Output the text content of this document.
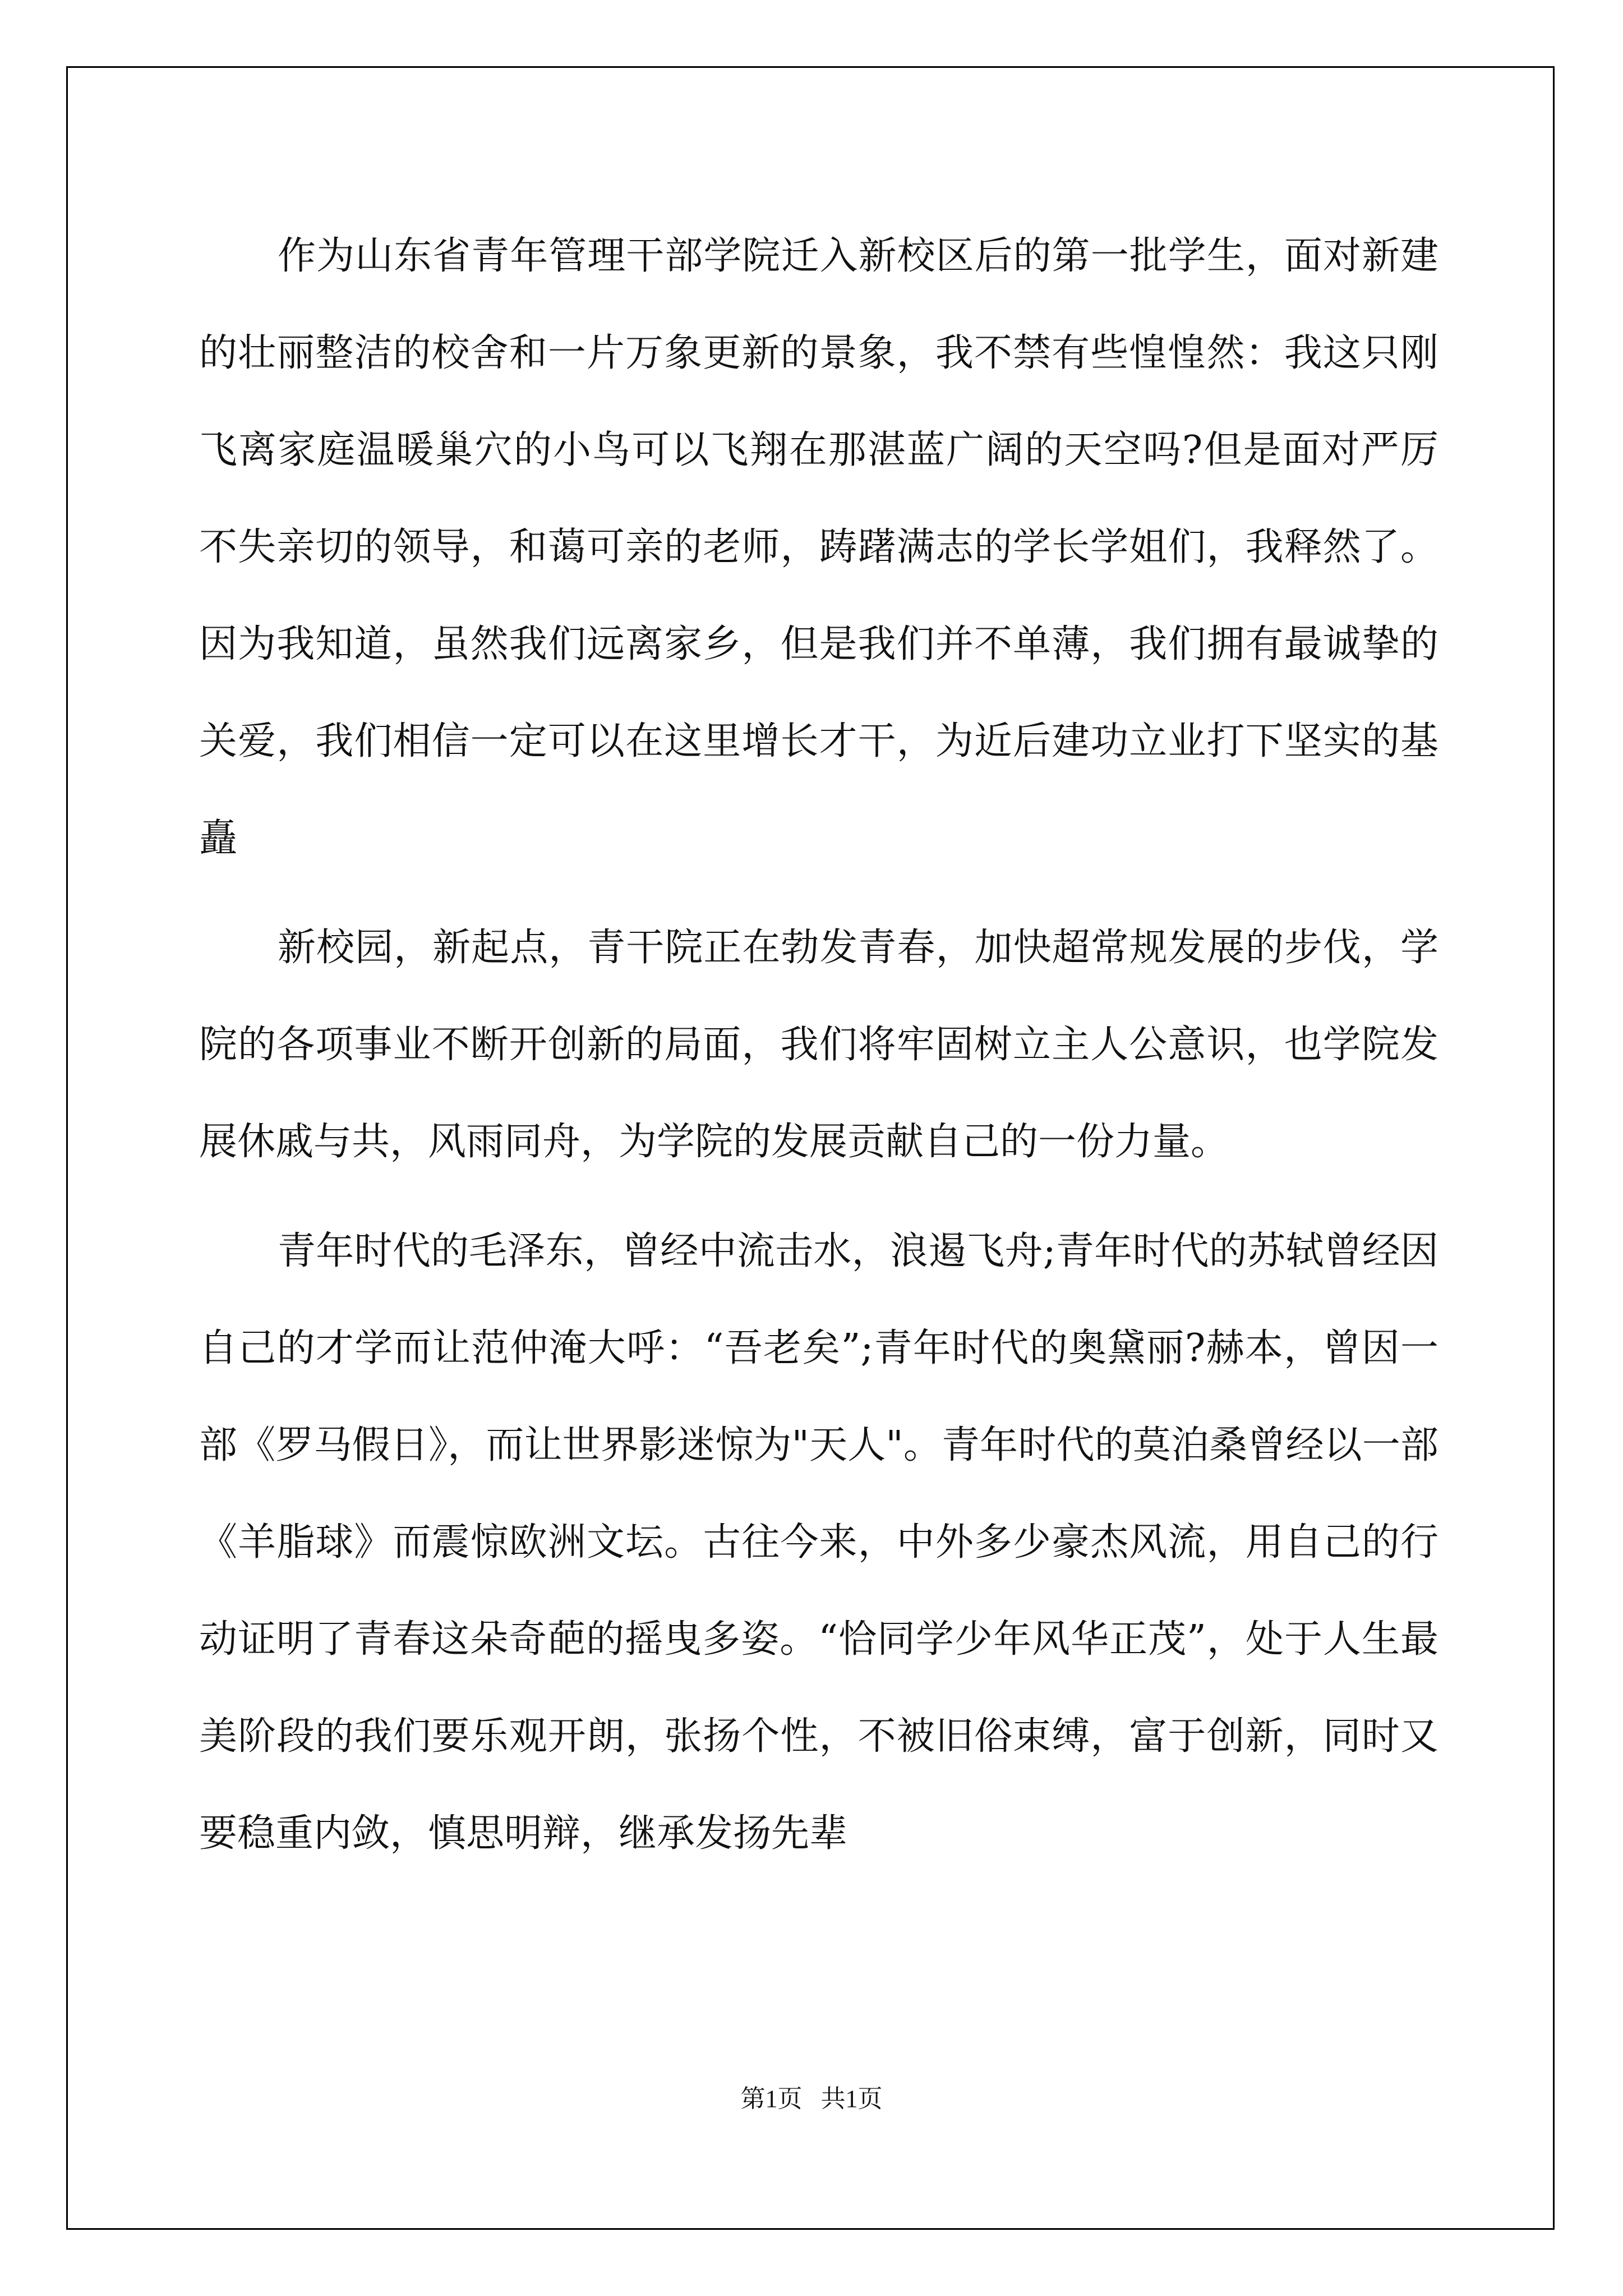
作为山东省青年管理干部学院迁入新校区后的第一批学生，面对新建的壮丽整洁的校舍和一片万象更新的景象，我不禁有些惶惶然：我这只刚飞离家庭温暖巢穴的小鸟可以飞翔在那湛蓝广阔的天空吗?但是面对严厉不失亲切的领导，和蔼可亲的老师，踌躇满志的学长学姐们，我释然了。因为我知道，虽然我们远离家乡，但是我们并不单薄，我们拥有最诚挚的关爱，我们相信一定可以在这里增长才干，为近后建功立业打下坚实的基矗

新校园，新起点，青干院正在勃发青春，加快超常规发展的步伐，学院的各项事业不断开创新的局面，我们将牢固树立主人公意识，也学院发展休戚与共，风雨同舟，为学院的发展贡献自己的一份力量。

青年时代的毛泽东，曾经中流击水，浪遏飞舟;青年时代的苏轼曾经因自己的才学而让范仲淹大呼：“吾老矣”;青年时代的奥黛丽?赫本，曾因一部《罗马假日》，而让世界影迷惊为"天人"。青年时代的莫泊桑曾经以一部《羊脂球》而震惊欧洲文坛。古往今来，中外多少豪杰风流，用自己的行动证明了青春这朵奇葩的摇曳多姿。“恰同学少年风华正茂”，处于人生最美阶段的我们要乐观开朗，张扬个性，不被旧俗束缚，富于创新，同时又要稳重内敛，慎思明辩，继承发扬先辈

第1页   共1页
